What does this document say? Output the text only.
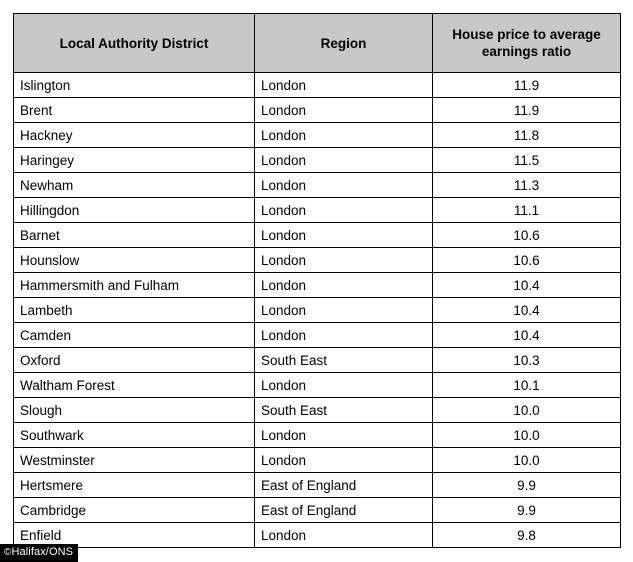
Local Authority District	Region	House price to average earnings ratio
Islington	London	11.9
Brent	London	11.9
Hackney	London	11.8
Haringey	London	11.5
Newham	London	11.3
Hillingdon	London	11.1
Barnet	London	10.6
Hounslow	London	10.6
Hammersmith and Fulham	London	10.4
Lambeth	London	10.4
Camden	London	10.4
Oxford	South East	10.3
Waltham Forest	London	10.1
Slough	South East	10.0
Southwark	London	10.0
Westminster	London	10.0
Hertsmere	East of England	9.9
Cambridge	East of England	9.9
Enfield	London	9.8
©Halifax/ONS
